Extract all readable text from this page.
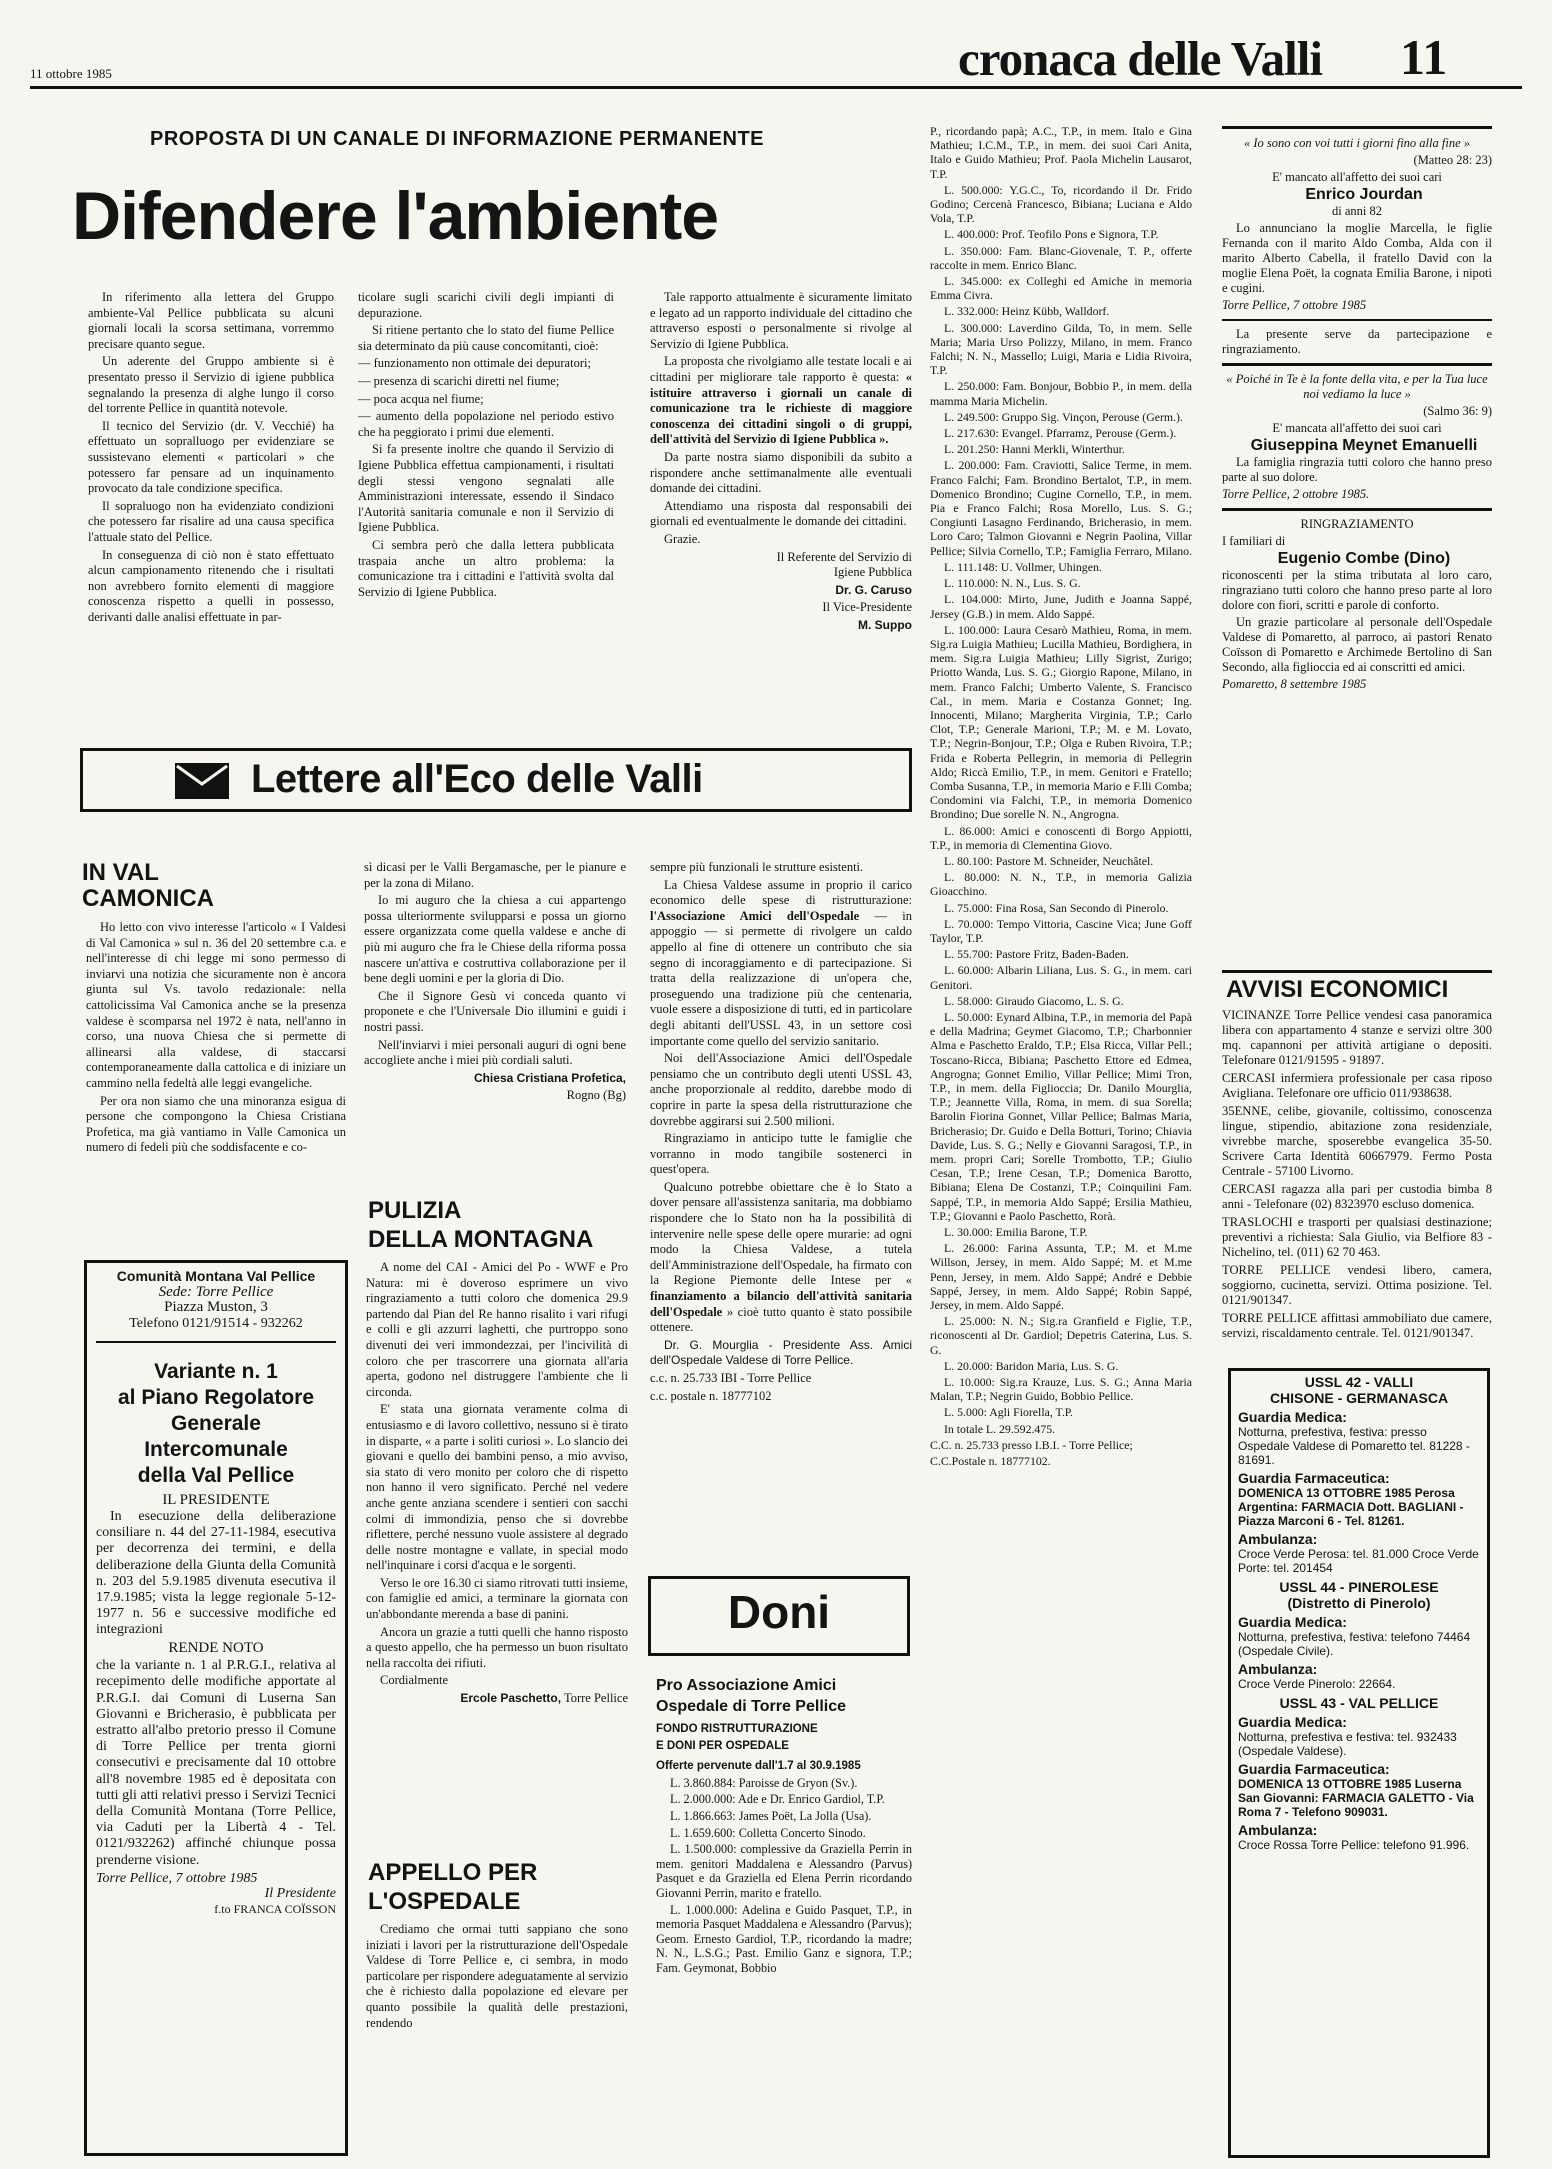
11 ottobre 1985	cronaca delle Valli 11
PROPOSTA DI UN CANALE DI INFORMAZIONE PERMANENTE
Difendere l'ambiente

In riferimento alla lettera del Gruppo ambiente-Val Pellice pubblicata su alcuni giornali locali la scorsa settimana, vorremmo precisare quanto segue.

Un aderente del Gruppo ambiente si è presentato presso il Servizio di igiene pubblica segnalando la presenza di alghe lungo il corso del torrente Pellice in quantità notevole.

Il tecnico del Servizio (dr. V. Vecchié) ha effettuato un sopralluogo per evidenziare se sussistevano elementi « particolari » che potessero far pensare ad un inquinamento provocato da tale condizione specifica.

Il sopraluogo non ha evidenziato condizioni che potessero far risalire ad una causa specifica l'attuale stato del Pellice.

In conseguenza di ciò non è stato effettuato alcun campionamento ritenendo che i risultati non avrebbero fornito elementi di maggiore conoscenza rispetto a quelli in possesso, derivanti dalle analisi effettuate in par-

ticolare sugli scarichi civili degli impianti di depurazione.

Si ritiene pertanto che lo stato del fiume Pellice sia determinato da più cause concomitanti, cioè:

— funzionamento non ottimale dei depuratori;

— presenza di scarichi diretti nel fiume;

— poca acqua nel fiume;

— aumento della popolazione nel periodo estivo che ha peggiorato i primi due elementi.

Si fa presente inoltre che quando il Servizio di Igiene Pubblica effettua campionamenti, i risultati degli stessi vengono segnalati alle Amministrazioni interessate, essendo il Sindaco l'Autorità sanitaria comunale e non il Servizio di Igiene Pubblica.

Ci sembra però che dalla lettera pubblicata traspaia anche un altro problema: la comunicazione tra i cittadini e l'attività svolta dal Servizio di Igiene Pubblica.

Tale rapporto attualmente è sicuramente limitato e legato ad un rapporto individuale del cittadino che attraverso esposti o personalmente si rivolge al Servizio di Igiene Pubblica.

La proposta che rivolgiamo alle testate locali e ai cittadini per migliorare tale rapporto è questa: « istituire attraverso i giornali un canale di comunicazione tra le richieste di maggiore conoscenza dei cittadini singoli o di gruppi, dell'attività del Servizio di Igiene Pubblica ».

Da parte nostra siamo disponibili da subito a rispondere anche settimanalmente alle eventuali domande dei cittadini.

Attendiamo una risposta dal responsabili dei giornali ed eventualmente le domande dei cittadini.

Grazie.

Il Referente del Servizio di Igiene Pubblica

Dr. G. Caruso

Il Vice-Presidente

M. Suppo

P., ricordando papà; A.C., T.P., in mem. Italo e Gina Mathieu; I.C.M., T.P., in mem. dei suoi Cari Anita, Italo e Guido Mathieu; Prof. Paola Michelin Lausarot, T.P.

L. 500.000: Y.G.C., To, ricordando il Dr. Frido Godino; Cercenà Francesco, Bibiana; Luciana e Aldo Vola, T.P.

L. 400.000: Prof. Teofilo Pons e Signora, T.P.

L. 350.000: Fam. Blanc-Giovenale, T. P., offerte raccolte in mem. Enrico Blanc.

L. 345.000: ex Colleghi ed Amiche in memoria Emma Civra.

L. 332.000: Heinz Kübb, Walldorf.

L. 300.000: Laverdino Gilda, To, in mem. Selle Maria; Maria Urso Polizzy, Milano, in mem. Franco Falchi; N. N., Massello; Luigi, Maria e Lidia Rivoira, T.P.

L. 250.000: Fam. Bonjour, Bobbio P., in mem. della mamma Maria Michelin.

L. 249.500: Gruppo Sig. Vinçon, Perouse (Germ.).

L. 217.630: Evangel. Pfarramz, Perouse (Germ.).

L. 201.250: Hanni Merkli, Winterthur.

L. 200.000: Fam. Craviotti, Salice Terme, in mem. Franco Falchi; Fam. Brondino Bertalot, T.P., in mem. Domenico Brondino; Cugine Cornello, T.P., in mem. Pia e Franco Falchi; Rosa Morello, Lus. S. G.; Congiunti Lasagno Ferdinando, Bricherasio, in mem. Loro Caro; Talmon Giovanni e Negrin Paolina, Villar Pellice; Silvia Cornello, T.P.; Famiglia Ferraro, Milano.

L. 111.148: U. Vollmer, Uhingen.

L. 110.000: N. N., Lus. S. G.

L. 104.000: Mirto, June, Judith e Joanna Sappé, Jersey (G.B.) in mem. Aldo Sappé.

L. 100.000: Laura Cesarò Mathieu, Roma, in mem. Sig.ra Luigia Mathieu; Lucilla Mathieu, Bordighera, in mem. Sig.ra Luigia Mathieu; Lilly Sigrist, Zurigo; Priotto Wanda, Lus. S. G.; Giorgio Rapone, Milano, in mem. Franco Falchi; Umberto Valente, S. Francisco Cal., in mem. Maria e Costanza Gonnet; Ing. Innocenti, Milano; Margherita Virginia, T.P.; Carlo Clot, T.P.; Generale Marioni, T.P.; M. e M. Lovato, T.P.; Negrin-Bonjour, T.P.; Olga e Ruben Rivoira, T.P.; Frida e Roberta Pellegrin, in memoria di Pellegrin Aldo; Riccà Emilio, T.P., in mem. Genitori e Fratello; Comba Susanna, T.P., in memoria Mario e F.lli Comba; Condomini via Falchi, T.P., in memoria Domenico Brondino; Due sorelle N. N., Angrogna.

L. 86.000: Amici e conoscenti di Borgo Appiotti, T.P., in memoria di Clementina Giovo.

L. 80.100: Pastore M. Schneider, Neuchâtel.

L. 80.000: N. N., T.P., in memoria Galizia Gioacchino.

L. 75.000: Fina Rosa, San Secondo di Pinerolo.

L. 70.000: Tempo Vittoria, Cascine Vica; June Goff Taylor, T.P.

L. 55.700: Pastore Fritz, Baden-Baden.

L. 60.000: Albarin Liliana, Lus. S. G., in mem. cari Genitori.

L. 58.000: Giraudo Giacomo, L. S. G.

L. 50.000: Eynard Albina, T.P., in memoria del Papà e della Madrina; Geymet Giacomo, T.P.; Charbonnier Alma e Paschetto Eraldo, T.P.; Elsa Ricca, Villar Pell.; Toscano-Ricca, Bibiana; Paschetto Ettore ed Edmea, Angrogna; Gonnet Emilio, Villar Pellice; Mimi Tron, T.P., in mem. della Figlioccia; Dr. Danilo Mourglia, T.P.; Jeannette Villa, Roma, in mem. di sua Sorella; Barolin Fiorina Gonnet, Villar Pellice; Balmas Maria, Bricherasio; Dr. Guido e Della Botturi, Torino; Chiavia Davide, Lus. S. G.; Nelly e Giovanni Saragosi, T.P., in mem. propri Cari; Sorelle Trombotto, T.P.; Giulio Cesan, T.P.; Irene Cesan, T.P.; Domenica Barotto, Bibiana; Elena De Costanzi, T.P.; Coinquilini Fam. Sappé, T.P., in memoria Aldo Sappé; Ersilia Mathieu, T.P.; Giovanni e Paolo Paschetto, Rorà.

L. 30.000: Emilia Barone, T.P.

L. 26.000: Farina Assunta, T.P.; M. et M.me Willson, Jersey, in mem. Aldo Sappé; M. et M.me Penn, Jersey, in mem. Aldo Sappé; André e Debbie Sappé, Jersey, in mem. Aldo Sappé; Robin Sappé, Jersey, in mem. Aldo Sappé.

L. 25.000: N. N.; Sig.ra Granfield e Figlie, T.P., riconoscenti al Dr. Gardiol; Depetris Caterina, Lus. S. G.

L. 20.000: Baridon Maria, Lus. S. G.

L. 10.000: Sig.ra Krauze, Lus. S. G.; Anna Maria Malan, T.P.; Negrin Guido, Bobbio Pellice.

L. 5.000: Agli Fiorella, T.P.

In totale L. 29.592.475.

C.C. n. 25.733 presso I.B.I. - Torre Pellice;

C.C.Postale n. 18777102.

« Io sono con voi tutti i giorni fino alla fine »

(Matteo 28: 23)

E' mancato all'affetto dei suoi cari

Enrico Jourdan

di anni 82

Lo annunciano la moglie Marcella, le figlie Fernanda con il marito Aldo Comba, Alda con il marito Alberto Cabella, il fratello David con la moglie Elena Poët, la cognata Emilia Barone, i nipoti e cugini.

Torre Pellice, 7 ottobre 1985

La presente serve da partecipazione e ringraziamento.

« Poiché in Te è la fonte della vita, e per la Tua luce noi vediamo la luce »

(Salmo 36: 9)

E' mancata all'affetto dei suoi cari

Giuseppina Meynet Emanuelli

La famiglia ringrazia tutti coloro che hanno preso parte al suo dolore.

Torre Pellice, 2 ottobre 1985.

RINGRAZIAMENTO

I familiari di

Eugenio Combe (Dino)

riconoscenti per la stima tributata al loro caro, ringraziano tutti coloro che hanno preso parte al loro dolore con fiori, scritti e parole di conforto.

Un grazie particolare al personale dell'Ospedale Valdese di Pomaretto, al parroco, ai pastori Renato Coïsson di Pomaretto e Archimede Bertolino di San Secondo, alla figlioccia ed ai conscritti ed amici.

Pomaretto, 8 settembre 1985

AVVISI ECONOMICI

VICINANZE Torre Pellice vendesi casa panoramica libera con appartamento 4 stanze e servizi oltre 300 mq. capannoni per attività artigiane o depositi. Telefonare 0121/91595 - 91897.

CERCASI infermiera professionale per casa riposo Avigliana. Telefonare ore ufficio 011/938638.

35ENNE, celibe, giovanile, coltissimo, conoscenza lingue, stipendio, abitazione zona residenziale, vivrebbe marche, sposerebbe evangelica 35-50. Scrivere Carta Identità 60667979. Fermo Posta Centrale - 57100 Livorno.

CERCASI ragazza alla pari per custodia bimba 8 anni - Telefonare (02) 8323970 escluso domenica.

TRASLOCHI e trasporti per qualsiasi destinazione; preventivi a richiesta: Sala Giulio, via Belfiore 83 - Nichelino, tel. (011) 62 70 463.

TORRE PELLICE vendesi libero, camera, soggiorno, cucinetta, servizi. Ottima posizione. Tel. 0121/901347.

TORRE PELLICE affittasi ammobiliato due camere, servizi, riscaldamento centrale. Tel. 0121/901347.

USSL 42 - VALLI
CHISONE - GERMANASCA
Guardia Medica:
Notturna, prefestiva, festiva: presso Ospedale Valdese di Pomaretto tel. 81228 - 81691.
Guardia Farmaceutica:
DOMENICA 13 OTTOBRE 1985 Perosa Argentina: FARMACIA Dott. BAGLIANI - Piazza Marconi 6 - Tel. 81261.
Ambulanza:
Croce Verde Perosa: tel. 81.000 Croce Verde Porte: tel. 201454
USSL 44 - PINEROLESE
(Distretto di Pinerolo)
Guardia Medica:
Notturna, prefestiva, festiva: telefono 74464 (Ospedale Civile).
Ambulanza:
Croce Verde Pinerolo: 22664.
USSL 43 - VAL PELLICE
Guardia Medica:
Notturna, prefestiva e festiva: tel. 932433 (Ospedale Valdese).
Guardia Farmaceutica:
DOMENICA 13 OTTOBRE 1985 Luserna San Giovanni: FARMACIA GALETTO - Via Roma 7 - Telefono 909031.
Ambulanza:
Croce Rossa Torre Pellice: telefono 91.996.
Lettere all'Eco delle Valli
IN VAL
CAMONICA

Ho letto con vivo interesse l'articolo « I Valdesi di Val Camonica » sul n. 36 del 20 settembre c.a. e nell'interesse di chi legge mi sono permesso di inviarvi una notizia che sicuramente non è ancora giunta sul Vs. tavolo redazionale: nella cattolicissima Val Camonica anche se la presenza valdese è scomparsa nel 1972 è nata, nell'anno in corso, una nuova Chiesa che si permette di allinearsi alla valdese, di staccarsi contemporaneamente dalla cattolica e di iniziare un cammino nella fedeltà alle leggi evangeliche.

Per ora non siamo che una minoranza esigua di persone che compongono la Chiesa Cristiana Profetica, ma già vantiamo in Valle Camonica un numero di fedeli più che soddisfacente e co-

sì dicasi per le Valli Bergamasche, per le pianure e per la zona di Milano.

Io mi auguro che la chiesa a cui appartengo possa ulteriormente svilupparsi e possa un giorno essere organizzata come quella valdese e anche di più mi auguro che fra le Chiese della riforma possa nascere un'attiva e costruttiva collaborazione per il bene degli uomini e per la gloria di Dio.

Che il Signore Gesù vi conceda quanto vi proponete e che l'Universale Dio illumini e guidi i nostri passi.

Nell'inviarvi i miei personali auguri di ogni bene accogliete anche i miei più cordiali saluti.

Chiesa Cristiana Profetica,

Rogno (Bg)

Comunità Montana Val Pellice
Sede: Torre Pellice
Piazza Muston, 3
Telefono 0121/91514 - 932262
Variante n. 1
al Piano Regolatore
Generale
Intercomunale
della Val Pellice
IL PRESIDENTE
In esecuzione della deliberazione consiliare n. 44 del 27-11-1984, esecutiva per decorrenza dei termini, e della deliberazione della Giunta della Comunità n. 203 del 5.9.1985 divenuta esecutiva il 17.9.1985; vista la legge regionale 5-12-1977 n. 56 e successive modifiche ed integrazioni
RENDE NOTO
che la variante n. 1 al P.R.G.I., relativa al recepimento delle modifiche apportate al P.R.G.I. dai Comuni di Luserna San Giovanni e Bricherasio, è pubblicata per estratto all'albo pretorio presso il Comune di Torre Pellice per trenta giorni consecutivi e precisamente dal 10 ottobre all'8 novembre 1985 ed è depositata con tutti gli atti relativi presso i Servizi Tecnici della Comunità Montana (Torre Pellice, via Caduti per la Libertà 4 - Tel. 0121/932262) affinché chiunque possa prenderne visione.
Torre Pellice, 7 ottobre 1985
Il Presidente
f.to FRANCA COÏSSON
PULIZIA
DELLA MONTAGNA

A nome del CAI - Amici del Po - WWF e Pro Natura: mi è doveroso esprimere un vivo ringraziamento a tutti coloro che domenica 29.9 partendo dal Pian del Re hanno risalito i vari rifugi e colli e gli azzurri laghetti, che purtroppo sono divenuti dei veri immondezzai, per l'incivilità di coloro che per trascorrere una giornata all'aria aperta, godono nel distruggere l'ambiente che li circonda.

E' stata una giornata veramente colma di entusiasmo e di lavoro collettivo, nessuno si è tirato in disparte, « a parte i soliti curiosi ». Lo slancio dei giovani e quello dei bambini penso, a mio avviso, sia stato di vero monito per coloro che di rispetto non hanno il vero significato. Perché nel vedere anche gente anziana scendere i sentieri con sacchi colmi di immondizia, penso che si dovrebbe riflettere, perché nessuno vuole assistere al degrado delle nostre montagne e vallate, in special modo nell'inquinare i corsi d'acqua e le sorgenti.

Verso le ore 16.30 ci siamo ritrovati tutti insieme, con famiglie ed amici, a terminare la giornata con un'abbondante merenda a base di panini.

Ancora un grazie a tutti quelli che hanno risposto a questo appello, che ha permesso un buon risultato nella raccolta dei rifiuti.

Cordialmente

Ercole Paschetto, Torre Pellice

APPELLO PER
L'OSPEDALE

Crediamo che ormai tutti sappiano che sono iniziati i lavori per la ristrutturazione dell'Ospedale Valdese di Torre Pellice e, ci sembra, in modo particolare per rispondere adeguatamente al servizio che è richiesto dalla popolazione ed elevare per quanto possibile la qualità delle prestazioni, rendendo

sempre più funzionali le strutture esistenti.

La Chiesa Valdese assume in proprio il carico economico delle spese di ristrutturazione: l'Associazione Amici dell'Ospedale — in appoggio — si permette di rivolgere un caldo appello al fine di ottenere un contributo che sia segno di incoraggiamento e di partecipazione. Si tratta della realizzazione di un'opera che, proseguendo una tradizione più che centenaria, vuole essere a disposizione di tutti, ed in particolare degli abitanti dell'USSL 43, in un settore così importante come quello del servizio sanitario.

Noi dell'Associazione Amici dell'Ospedale pensiamo che un contributo degli utenti USSL 43, anche proporzionale al reddito, darebbe modo di coprire in parte la spesa della ristrutturazione che dovrebbe aggirarsi sui 2.500 milioni.

Ringraziamo in anticipo tutte le famiglie che vorranno in modo tangibile sostenerci in quest'opera.

Qualcuno potrebbe obiettare che è lo Stato a dover pensare all'assistenza sanitaria, ma dobbiamo rispondere che lo Stato non ha la possibilità di intervenire nelle spese delle opere murarie: ad ogni modo la Chiesa Valdese, a tutela dell'Amministrazione dell'Ospedale, ha firmato con la Regione Piemonte delle Intese per « finanziamento a bilancio dell'attività sanitaria dell'Ospedale » cioè tutto quanto è stato possibile ottenere.

Dr. G. Mourglia - Presidente Ass. Amici dell'Ospedale Valdese di Torre Pellice.

c.c. n. 25.733 IBI - Torre Pellice

c.c. postale n. 18777102

Doni

Pro Associazione Amici

Ospedale di Torre Pellice

FONDO RISTRUTTURAZIONE

E DONI PER OSPEDALE

Offerte pervenute dall'1.7 al 30.9.1985

L. 3.860.884: Paroisse de Gryon (Sv.).

L. 2.000.000: Ade e Dr. Enrico Gardiol, T.P.

L. 1.866.663: James Poët, La Jolla (Usa).

L. 1.659.600: Colletta Concerto Sinodo.

L. 1.500.000: complessive da Graziella Perrin in mem. genitori Maddalena e Alessandro (Parvus) Pasquet e da Graziella ed Elena Perrin ricordando Giovanni Perrin, marito e fratello.

L. 1.000.000: Adelina e Guido Pasquet, T.P., in memoria Pasquet Maddalena e Alessandro (Parvus); Geom. Ernesto Gardiol, T.P., ricordando la madre; N. N., L.S.G.; Past. Emilio Ganz e signora, T.P.; Fam. Geymonat, Bobbio
